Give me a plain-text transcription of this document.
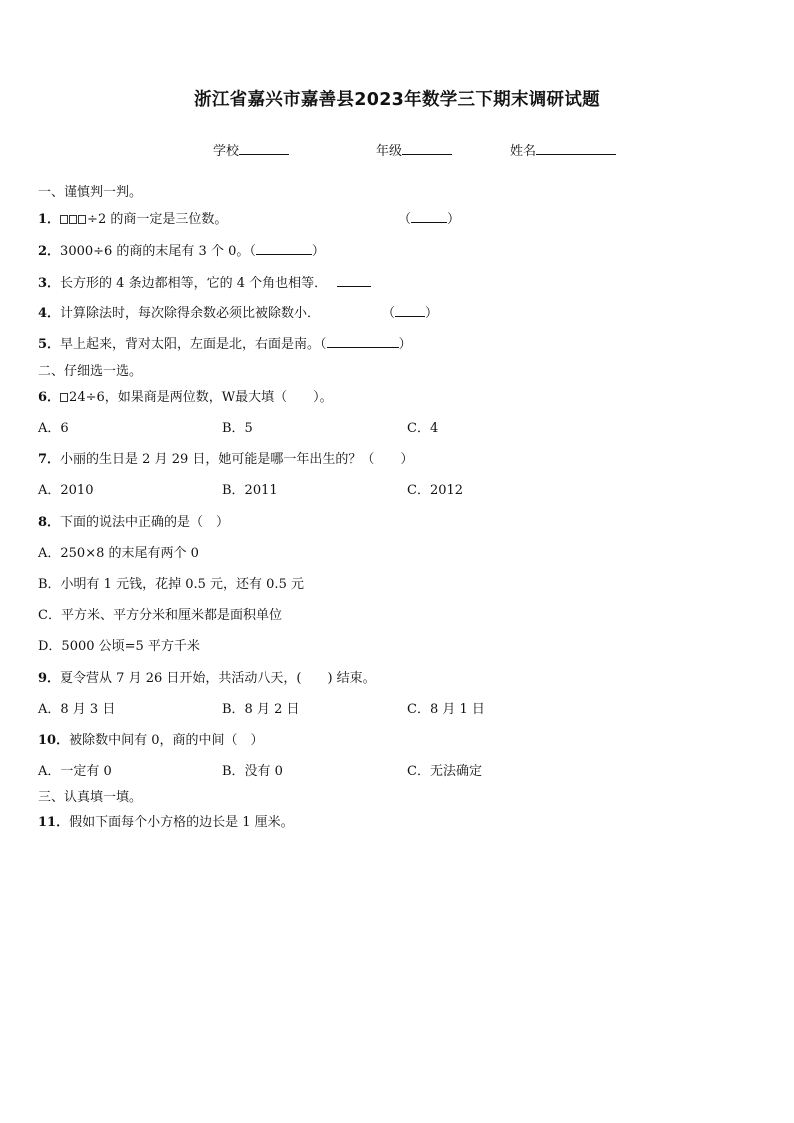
浙江省嘉兴市嘉善县2023年数学三下期末调研试题
学校	年级	姓名
一、谨慎判一判。
1． ÷2 的商一定是三位数。	（	）
2．3000÷6 的商的末尾有 3 个 0。（	）
3．长方形的 4 条边都相等，它的 4 个角也相等．
4．计算除法时，每次除得余数必须比被除数小．	（ ）
5．早上起来，背对太阳，左面是北，右面是南。（	）
二、仔细选一选。
6． 24÷6，如果商是两位数，W最大填（　　）。
A．6	B．5	C．4
7．小丽的生日是 2 月 29 日，她可能是哪一年出生的？（　　）
A．2010	B．2011	C．2012
8．下面的说法中正确的是（　）
A．250×8 的末尾有两个 0
B．小明有 1 元钱，花掉 0.5 元，还有 0.5 元
C．平方米、平方分米和厘米都是面积单位
D．5000 公顷=5 平方千米
9．夏令营从 7 月 26 日开始，共活动八天，(　　) 结束。
A．8 月 3 日	B．8 月 2 日	C．8 月 1 日
10．被除数中间有 0，商的中间（　）
A．一定有 0	B．没有 0	C．无法确定
三、认真填一填。
11．假如下面每个小方格的边长是 1 厘米。
